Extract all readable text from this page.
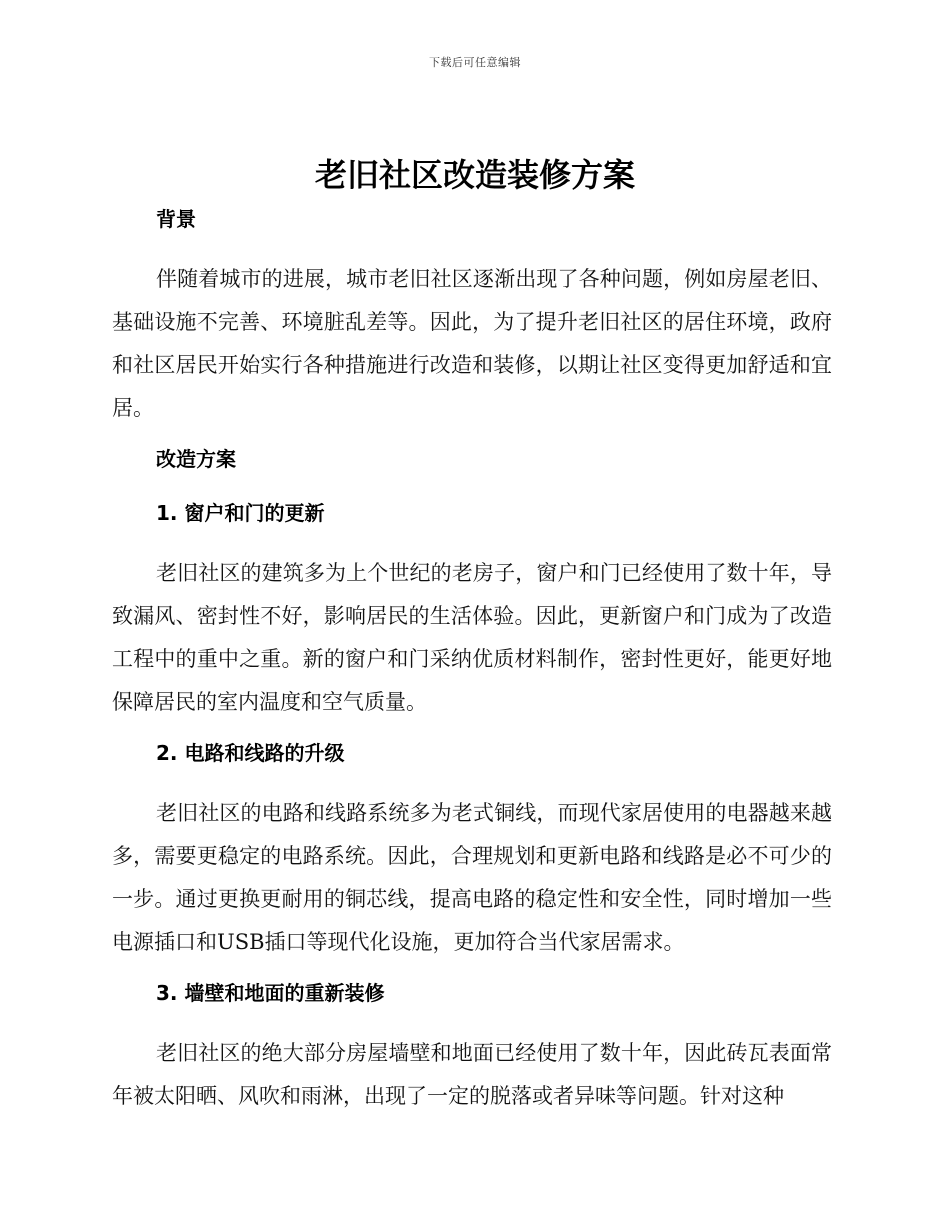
下载后可任意编辑
老旧社区改造装修方案
背景

伴随着城市的进展，城市老旧社区逐渐出现了各种问题，例如房屋老旧、基础设施不完善、环境脏乱差等。因此，为了提升老旧社区的居住环境，政府和社区居民开始实行各种措施进行改造和装修，以期让社区变得更加舒适和宜居。

改造方案
1. 窗户和门的更新

老旧社区的建筑多为上个世纪的老房子，窗户和门已经使用了数十年，导致漏风、密封性不好，影响居民的生活体验。因此，更新窗户和门成为了改造工程中的重中之重。新的窗户和门采纳优质材料制作，密封性更好，能更好地保障居民的室内温度和空气质量。

2. 电路和线路的升级

老旧社区的电路和线路系统多为老式铜线，而现代家居使用的电器越来越多，需要更稳定的电路系统。因此，合理规划和更新电路和线路是必不可少的一步。通过更换更耐用的铜芯线，提高电路的稳定性和安全性，同时增加一些电源插口和USB插口等现代化设施，更加符合当代家居需求。

3. 墙壁和地面的重新装修

老旧社区的绝大部分房屋墙壁和地面已经使用了数十年，因此砖瓦表面常年被太阳晒、风吹和雨淋，出现了一定的脱落或者异味等问题。针对这种
